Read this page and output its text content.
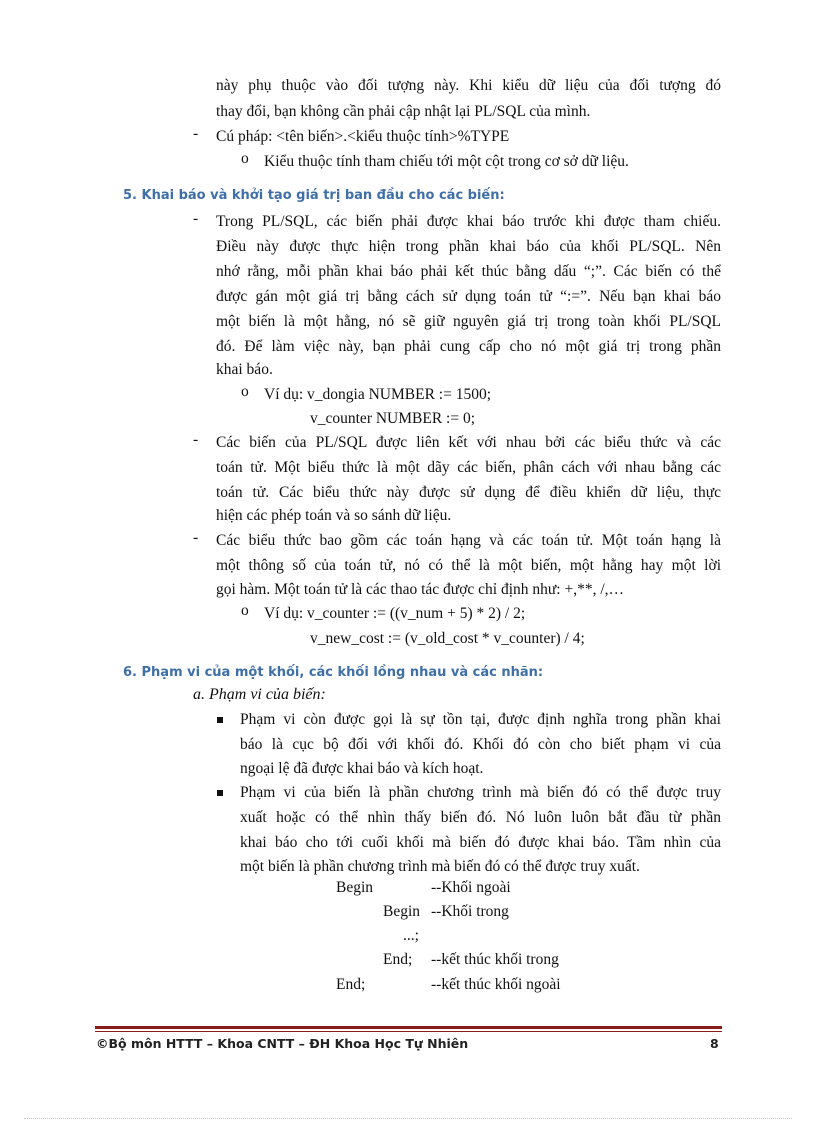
này phụ thuộc vào đối tượng này. Khi kiểu dữ liệu của đối tượng đó
thay đổi, bạn không cần phải cập nhật lại PL/SQL của mình.
- Cú pháp: <tên biến>.<kiểu thuộc tính>%TYPE
o Kiểu thuộc tính tham chiếu tới một cột trong cơ sở dữ liệu.
5. Khai báo và khởi tạo giá trị ban đầu cho các biến:
- Trong PL/SQL, các biến phải được khai báo trước khi được tham chiếu.
Điều này được thực hiện trong phần khai báo của khối PL/SQL. Nên
nhớ rằng, mỗi phần khai báo phải kết thúc bằng dấu “;”. Các biến có thể
được gán một giá trị bằng cách sử dụng toán tử “:=”. Nếu bạn khai báo
một biến là một hằng, nó sẽ giữ nguyên giá trị trong toàn khối PL/SQL
đó. Để làm việc này, bạn phải cung cấp cho nó một giá trị trong phần
khai báo.
o Ví dụ: v_dongia NUMBER := 1500;
v_counter NUMBER := 0;
- Các biến của PL/SQL được liên kết với nhau bởi các biểu thức và các
toán tử. Một biểu thức là một dãy các biến, phân cách với nhau bằng các
toán tử. Các biểu thức này được sử dụng để điều khiển dữ liệu, thực
hiện các phép toán và so sánh dữ liệu.
- Các biểu thức bao gồm các toán hạng và các toán tử. Một toán hạng là
một thông số của toán tử, nó có thể là một biến, một hằng hay một lời
gọi hàm. Một toán tử là các thao tác được chỉ định như: +,**, /,…
o Ví dụ: v_counter := ((v_num + 5) * 2) / 2;
v_new_cost := (v_old_cost * v_counter) / 4;
6. Phạm vi của một khối, các khối lồng nhau và các nhãn:
a. Phạm vi của biến:
Phạm vi còn được gọi là sự tồn tại, được định nghĩa trong phần khai
báo là cục bộ đối với khối đó. Khối đó còn cho biết phạm vi của
ngoại lệ đã được khai báo và kích hoạt.
Phạm vi của biến là phần chương trình mà biến đó có thể được truy
xuất hoặc có thể nhìn thấy biến đó. Nó luôn luôn bắt đầu từ phần
khai báo cho tới cuối khối mà biến đó được khai báo. Tầm nhìn của
một biến là phần chương trình mà biến đó có thể được truy xuất.
Begin	--Khối ngoài
Begin --Khối trong
...;
End; --kết thúc khối trong
End;	--kết thúc khối ngoài
©Bộ môn HTTT – Khoa CNTT – ĐH Khoa Học Tự Nhiên	8
